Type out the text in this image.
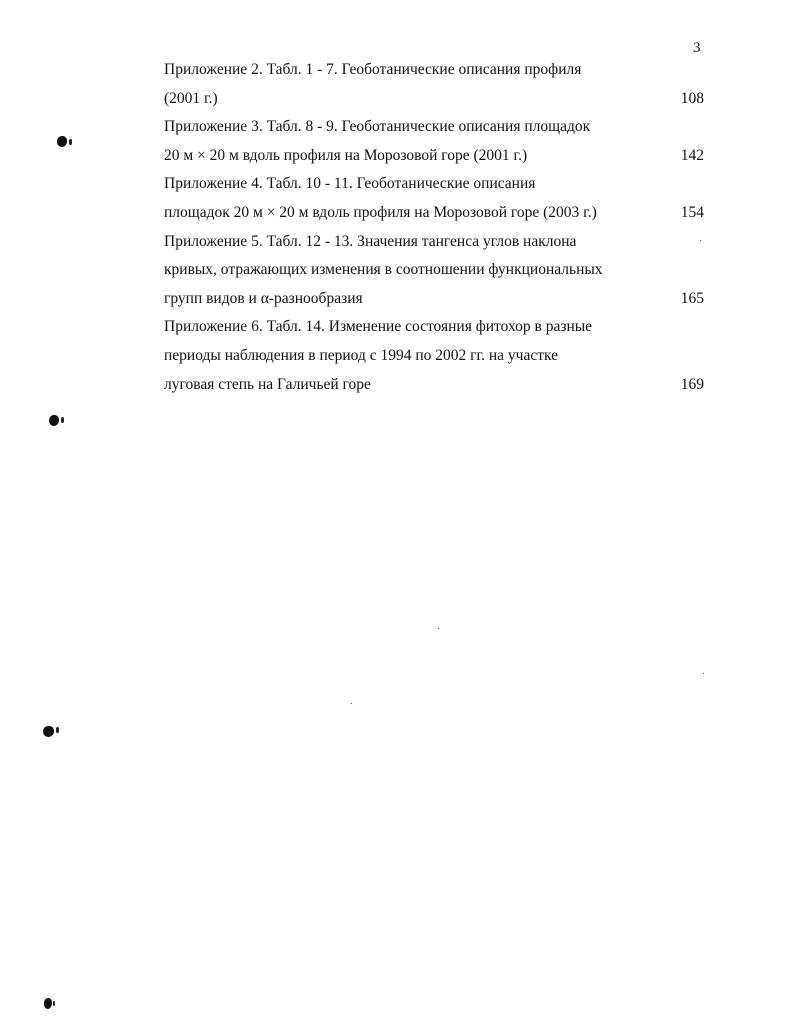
3
Приложение 2. Табл. 1 - 7. Геоботанические описания профиля
(2001 г.)	108
Приложение 3. Табл. 8 - 9. Геоботанические описания площадок
20 м × 20 м вдоль профиля на Морозовой горе (2001 г.)	142
Приложение 4. Табл. 10 - 11. Геоботанические описания
площадок 20 м × 20 м вдоль профиля на Морозовой горе (2003 г.)	154
Приложение 5. Табл. 12 - 13. Значения тангенса углов наклона
кривых, отражающих изменения в соотношении функциональных
групп видов и α-разнообразия	165
Приложение 6. Табл. 14. Изменение состояния фитохор в разные
периоды наблюдения в период с 1994 по 2002 гг. на участке
луговая степь на Галичьей горе	169
